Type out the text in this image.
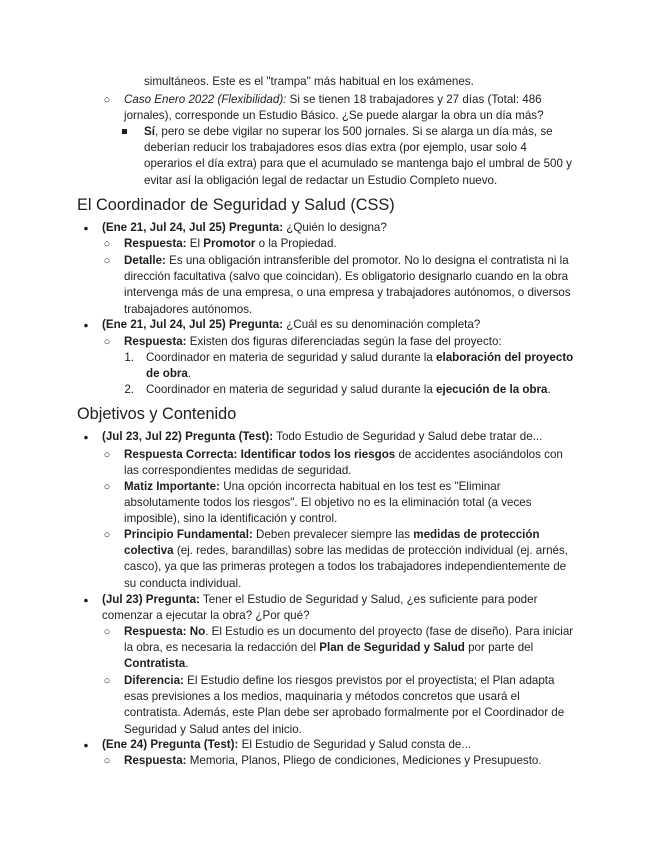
simultáneos. Este es el "trampa" más habitual en los exámenes.
○	Caso Enero 2022 (Flexibilidad): Si se tienen 18 trabajadores y 27 días (Total: 486 jornales), corresponde un Estudio Básico. ¿Se puede alargar la obra un día más?
Sí, pero se debe vigilar no superar los 500 jornales. Si se alarga un día más, se deberían reducir los trabajadores esos días extra (por ejemplo, usar solo 4 operarios el día extra) para que el acumulado se mantenga bajo el umbral de 500 y evitar así la obligación legal de redactar un Estudio Completo nuevo.
El Coordinador de Seguridad y Salud (CSS)
●	(Ene 21, Jul 24, Jul 25) Pregunta: ¿Quién lo designa?
○	Respuesta: El Promotor o la Propiedad.
○	Detalle: Es una obligación intransferible del promotor. No lo designa el contratista ni la dirección facultativa (salvo que coincidan). Es obligatorio designarlo cuando en la obra intervenga más de una empresa, o una empresa y trabajadores autónomos, o diversos trabajadores autónomos.
●	(Ene 21, Jul 24, Jul 25) Pregunta: ¿Cuál es su denominación completa?
○	Respuesta: Existen dos figuras diferenciadas según la fase del proyecto:
1. Coordinador en materia de seguridad y salud durante la elaboración del proyecto de obra.
2. Coordinador en materia de seguridad y salud durante la ejecución de la obra.
Objetivos y Contenido
●	(Jul 23, Jul 22) Pregunta (Test): Todo Estudio de Seguridad y Salud debe tratar de...
○	Respuesta Correcta: Identificar todos los riesgos de accidentes asociándolos con las correspondientes medidas de seguridad.
○	Matiz Importante: Una opción incorrecta habitual en los test es "Eliminar absolutamente todos los riesgos". El objetivo no es la eliminación total (a veces imposible), sino la identificación y control.
○	Principio Fundamental: Deben prevalecer siempre las medidas de protección colectiva (ej. redes, barandillas) sobre las medidas de protección individual (ej. arnés, casco), ya que las primeras protegen a todos los trabajadores independientemente de su conducta individual.
●	(Jul 23) Pregunta: Tener el Estudio de Seguridad y Salud, ¿es suficiente para poder comenzar a ejecutar la obra? ¿Por qué?
○	Respuesta: No. El Estudio es un documento del proyecto (fase de diseño). Para iniciar la obra, es necesaria la redacción del Plan de Seguridad y Salud por parte del Contratista.
○	Diferencia: El Estudio define los riesgos previstos por el proyectista; el Plan adapta esas previsiones a los medios, maquinaria y métodos concretos que usará el contratista. Además, este Plan debe ser aprobado formalmente por el Coordinador de Seguridad y Salud antes del inicio.
●	(Ene 24) Pregunta (Test): El Estudio de Seguridad y Salud consta de...
○	Respuesta: Memoria, Planos, Pliego de condiciones, Mediciones y Presupuesto.
